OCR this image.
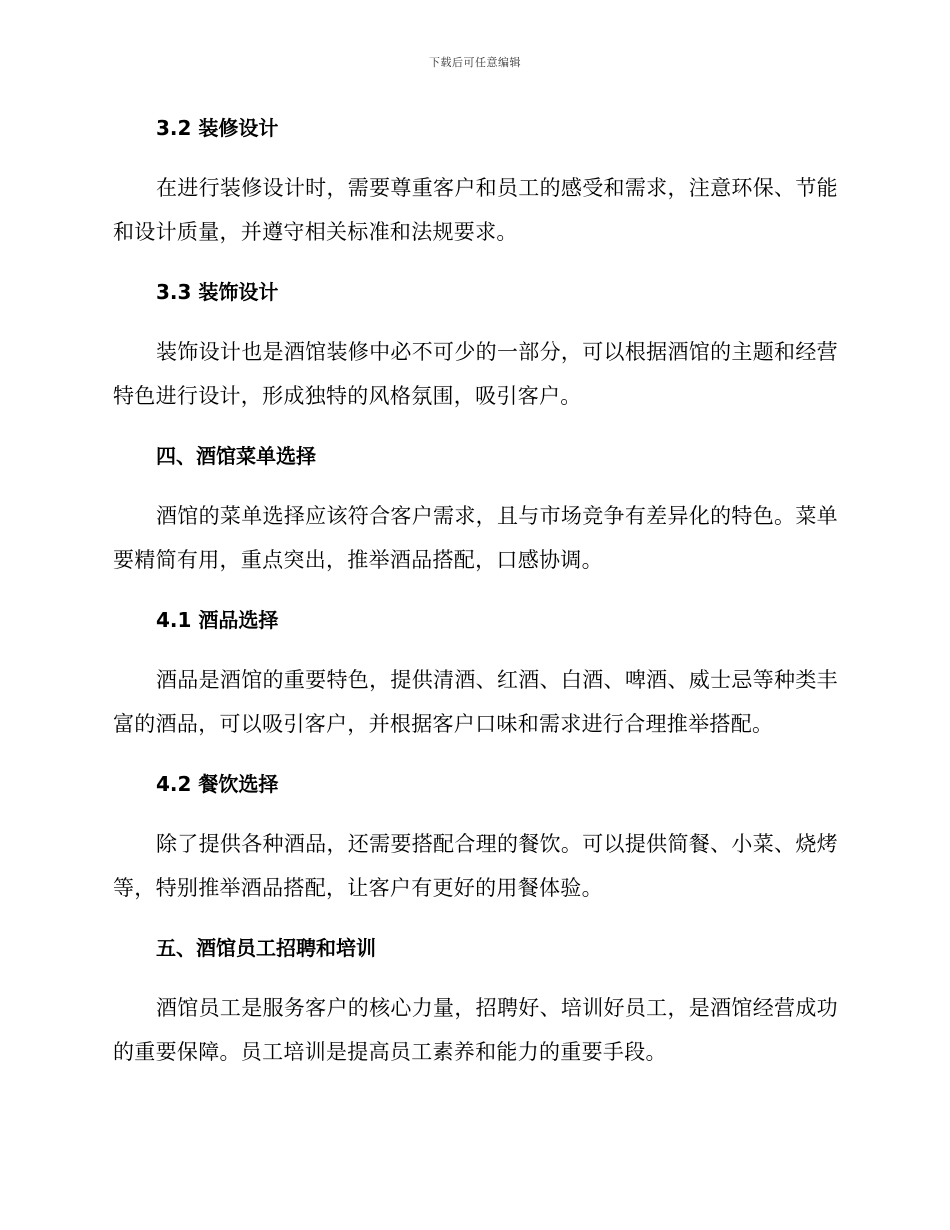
下载后可任意编辑
3.2 装修设计

在进行装修设计时，需要尊重客户和员工的感受和需求，注意环保、节能和设计质量，并遵守相关标准和法规要求。

3.3 装饰设计

装饰设计也是酒馆装修中必不可少的一部分，可以根据酒馆的主题和经营特色进行设计，形成独特的风格氛围，吸引客户。

四、酒馆菜单选择

酒馆的菜单选择应该符合客户需求，且与市场竞争有差异化的特色。菜单要精简有用，重点突出，推举酒品搭配，口感协调。

4.1 酒品选择

酒品是酒馆的重要特色，提供清酒、红酒、白酒、啤酒、威士忌等种类丰富的酒品，可以吸引客户，并根据客户口味和需求进行合理推举搭配。

4.2 餐饮选择

除了提供各种酒品，还需要搭配合理的餐饮。可以提供简餐、小菜、烧烤等，特别推举酒品搭配，让客户有更好的用餐体验。

五、酒馆员工招聘和培训

酒馆员工是服务客户的核心力量，招聘好、培训好员工，是酒馆经营成功的重要保障。员工培训是提高员工素养和能力的重要手段。
